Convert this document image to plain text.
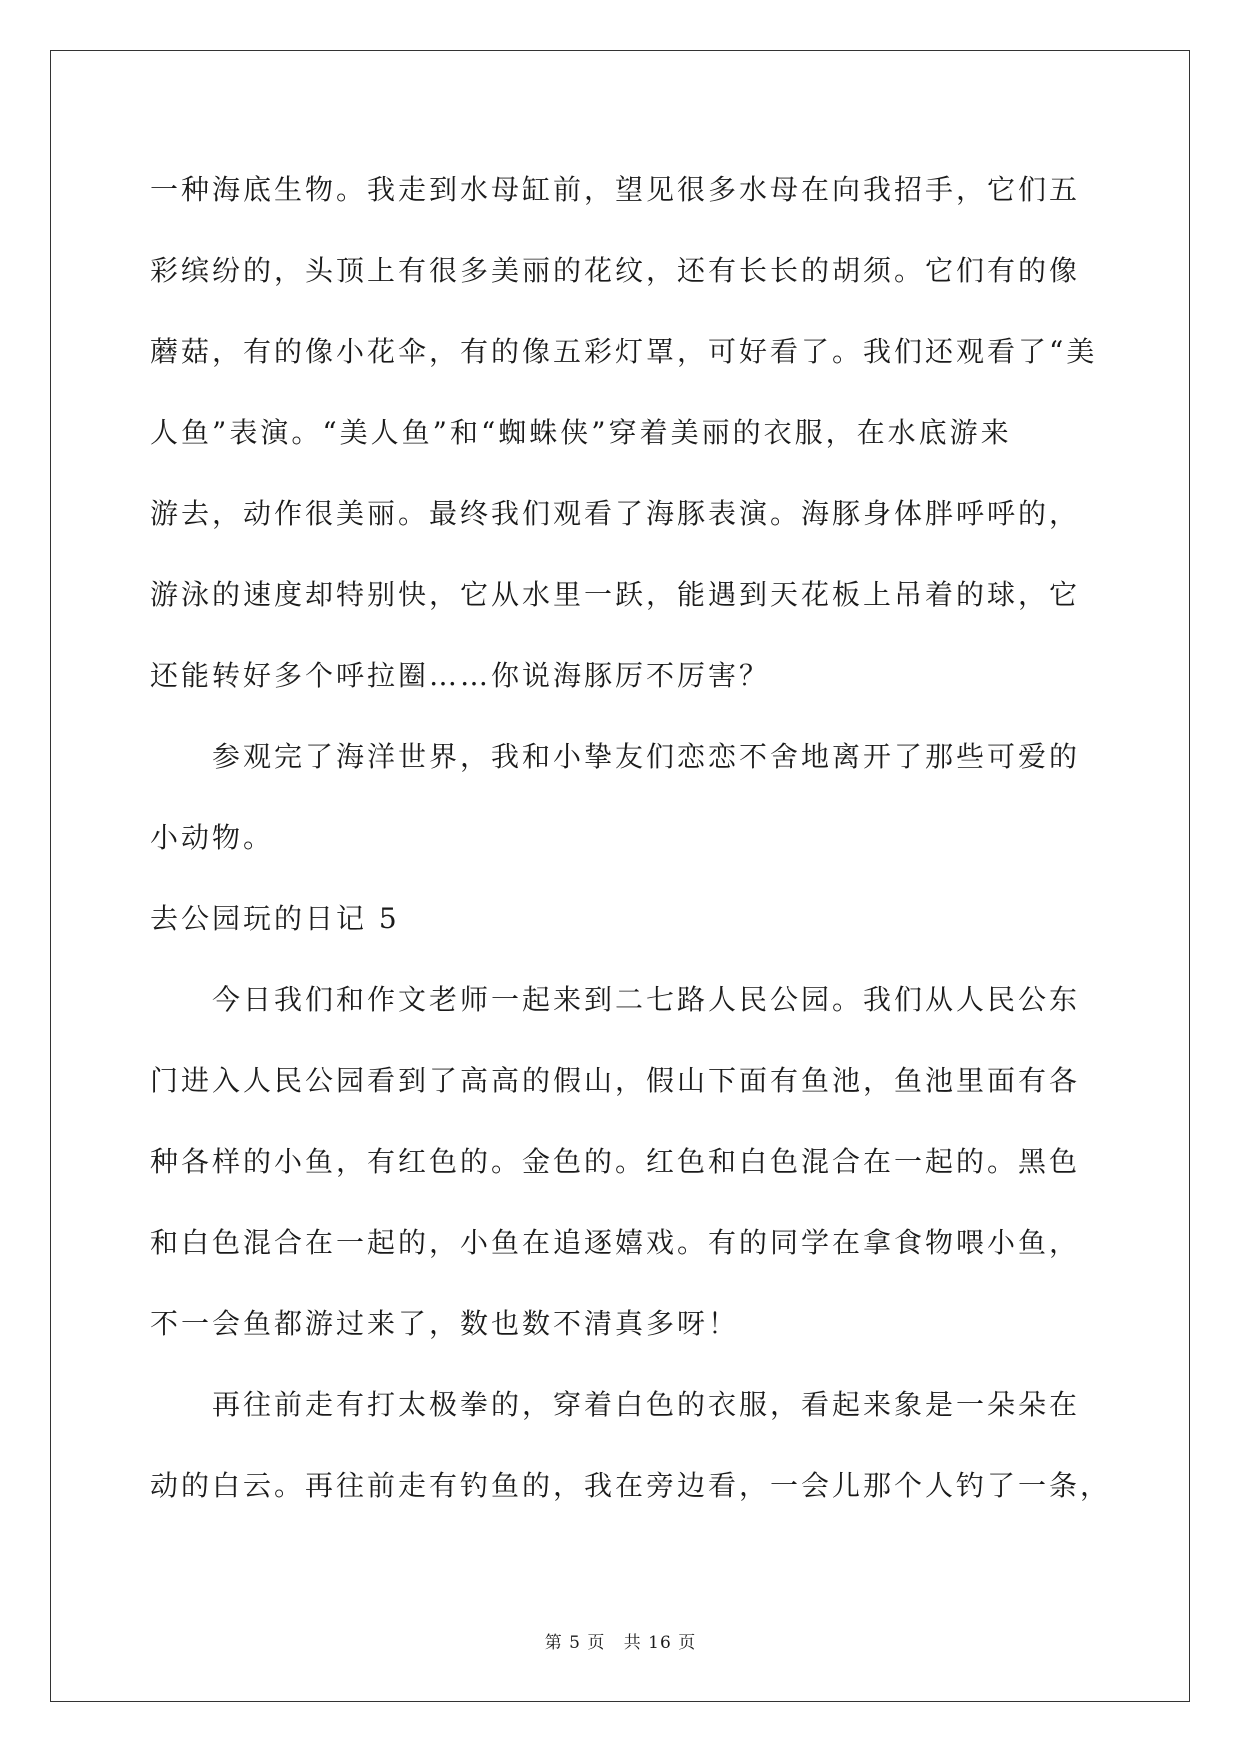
一种海底生物。我走到水母缸前，望见很多水母在向我招手，它们五
彩缤纷的，头顶上有很多美丽的花纹，还有长长的胡须。它们有的像
蘑菇，有的像小花伞，有的像五彩灯罩，可好看了。我们还观看了“美
人鱼”表演。“美人鱼”和“蜘蛛侠”穿着美丽的衣服，在水底游来
游去，动作很美丽。最终我们观看了海豚表演。海豚身体胖呼呼的，
游泳的速度却特别快，它从水里一跃，能遇到天花板上吊着的球，它
还能转好多个呼拉圈……你说海豚厉不厉害？
参观完了海洋世界，我和小挚友们恋恋不舍地离开了那些可爱的
小动物。
去公园玩的日记 5
今日我们和作文老师一起来到二七路人民公园。我们从人民公东
门进入人民公园看到了高高的假山，假山下面有鱼池，鱼池里面有各
种各样的小鱼，有红色的。金色的。红色和白色混合在一起的。黑色
和白色混合在一起的，小鱼在追逐嬉戏。有的同学在拿食物喂小鱼，
不一会鱼都游过来了，数也数不清真多呀！
再往前走有打太极拳的，穿着白色的衣服，看起来象是一朵朵在
动的白云。再往前走有钓鱼的，我在旁边看，一会儿那个人钓了一条，
第 5 页 共 16 页
